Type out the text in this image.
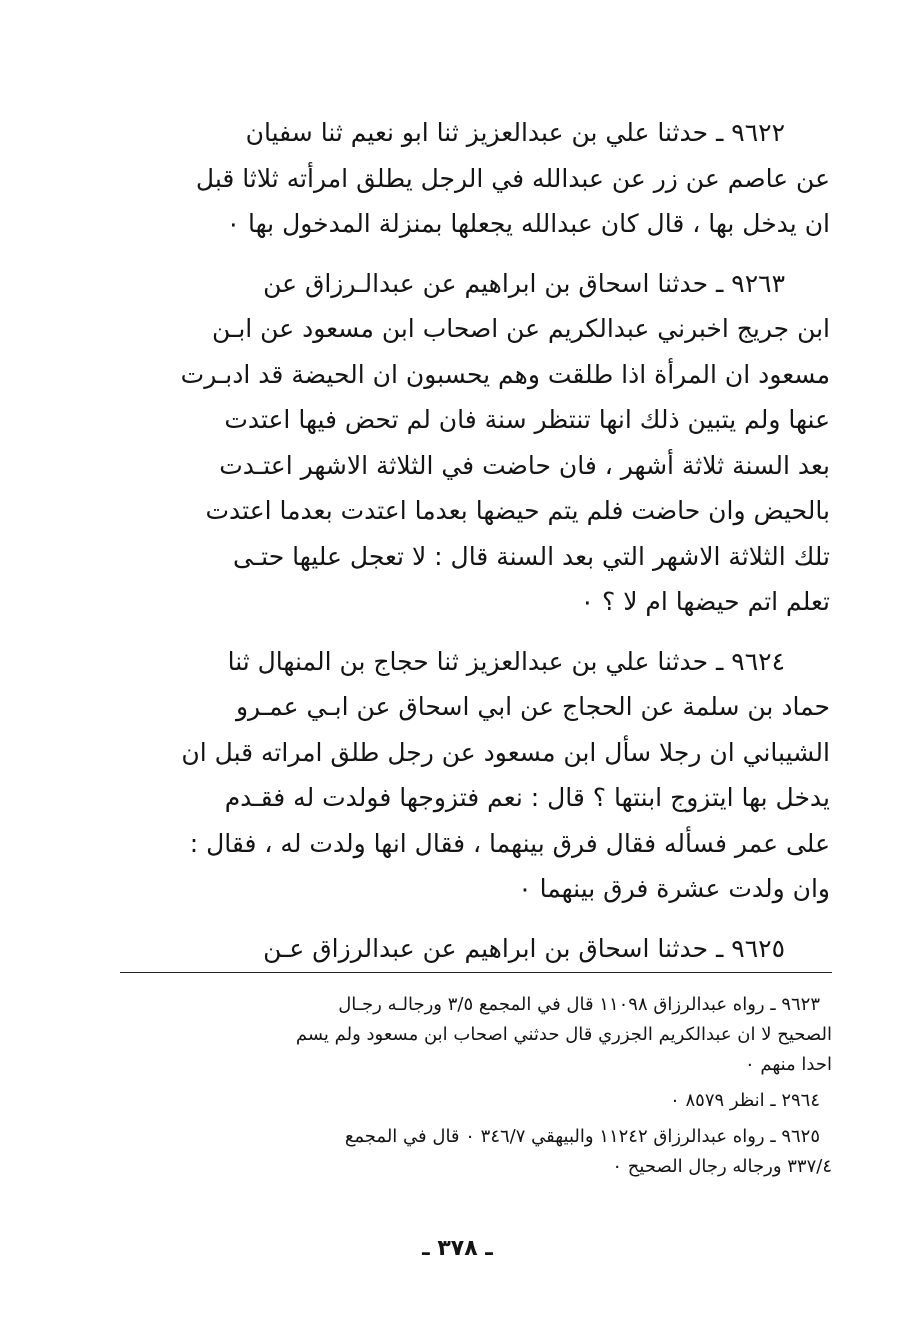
٩٦٢٢ ـ حدثنا علي بن عبدالعزيز ثنا ابو نعيم ثنا سفيان
عن عاصم عن زر عن عبدالله في الرجل يطلق امرأته ثلاثا قبل
ان يدخل بها ، قال كان عبدالله يجعلها بمنزلة المدخول بها ٠

٩٢٦٣ ـ حدثنا اسحاق بن ابراهيم عن عبدالـرزاق عن
ابن جريج اخبرني عبدالكريم عن اصحاب ابن مسعود عن ابـن
مسعود ان المرأة اذا طلقت وهم يحسبون ان الحيضة قد ادبـرت
عنها ولم يتبين ذلك انها تنتظر سنة فان لم تحض فيها اعتدت
بعد السنة ثلاثة أشهر ، فان حاضت في الثلاثة الاشهر اعتـدت
بالحيض وان حاضت فلم يتم حيضها بعدما اعتدت بعدما اعتدت
تلك الثلاثة الاشهر التي بعد السنة قال : لا تعجل عليها حتـى
تعلم اتم حيضها ام لا ؟ ٠

٩٦٢٤ ـ حدثنا علي بن عبدالعزيز ثنا حجاج بن المنهال ثنا
حماد بن سلمة عن الحجاج عن ابي اسحاق عن ابـي عمـرو
الشيباني ان رجلا سأل ابن مسعود عن رجل طلق امراته قبل ان
يدخل بها ايتزوج ابنتها ؟ قال : نعم فتزوجها فولدت له فقـدم
على عمر فسأله فقال فرق بينهما ، فقال انها ولدت له ، فقال :
وان ولدت عشرة فرق بينهما ٠

٩٦٢٥ ـ حدثنا اسحاق بن ابراهيم عن عبدالرزاق عـن

٩٦٢٣ ـ رواه عبدالرزاق ١١٠٩٨ قال في المجمع ٣/٥ ورجالـه رجـال
الصحيح لا ان عبدالكريم الجزري قال حدثني اصحاب ابن مسعود ولم يسم
احدا منهم ٠
٢٩٦٤ ـ انظر ٨٥٧٩ ٠
٩٦٢٥ ـ رواه عبدالرزاق ١١٢٤٢ والبيهقي ٣٤٦/٧ ٠ قال في المجمع
٣٣٧/٤ ورجاله رجال الصحيح ٠
ـ ٣٧٨ ـ
